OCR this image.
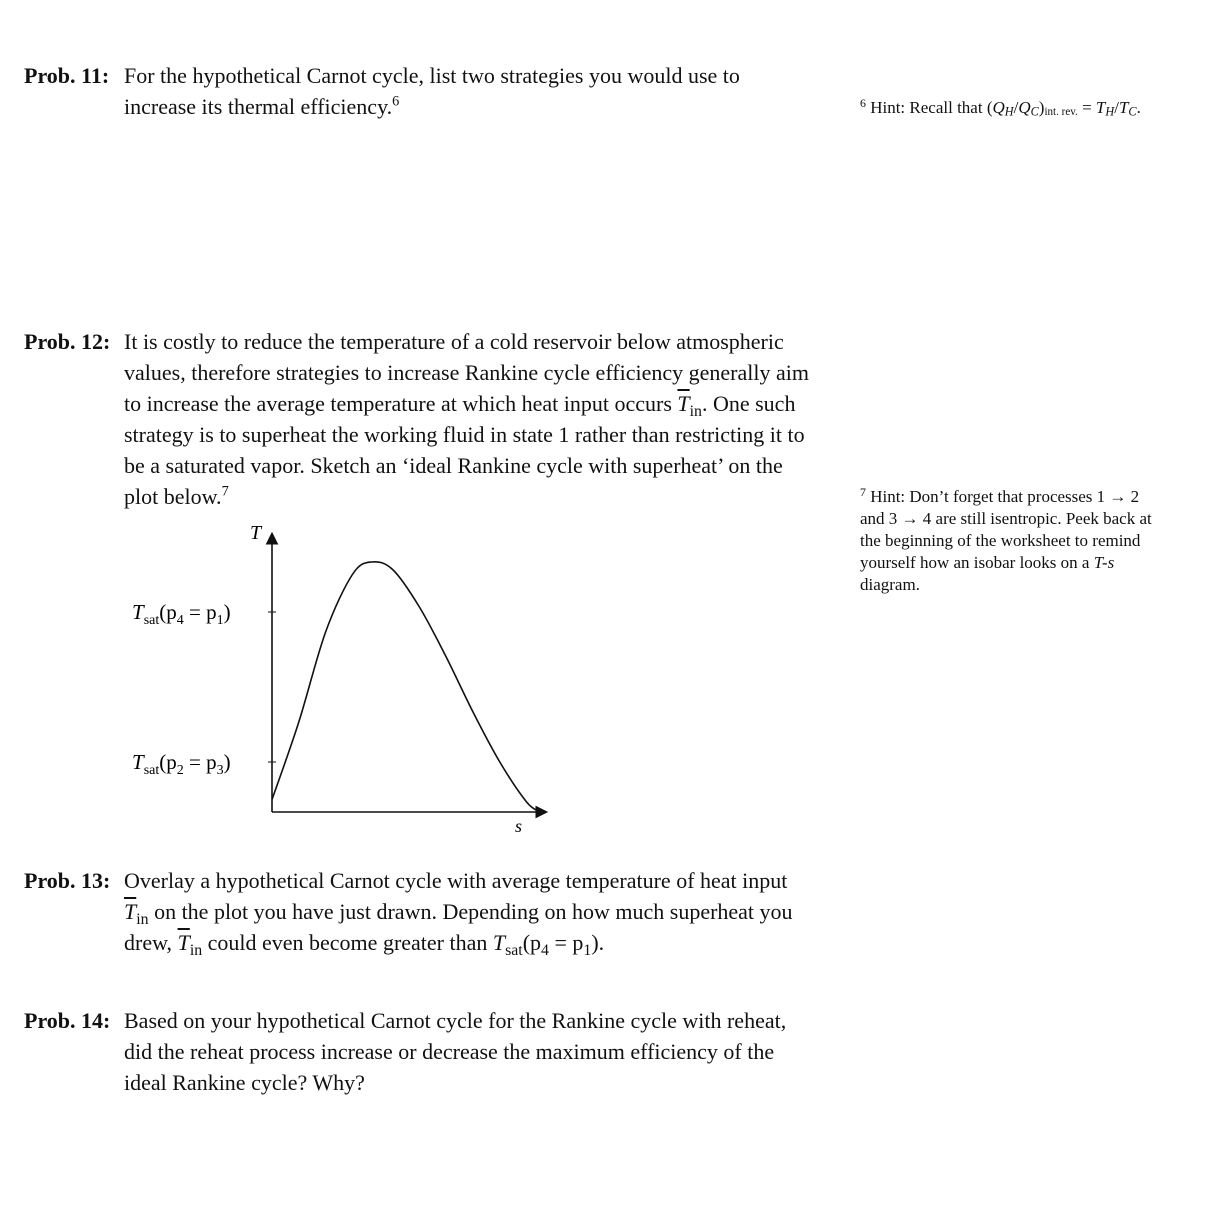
Prob. 11: For the hypothetical Carnot cycle, list two strategies you would use to increase its thermal efficiency.$^6$
Prob. 12: It is costly to reduce the temperature of a cold reservoir below atmospheric values, therefore strategies to increase Rankine cycle efficiency generally aim to increase the average temperature at which heat input occurs $\overline{T}_{in}$. One such strategy is to superheat the working fluid in state 1 rather than restricting it to be a saturated vapor. Sketch an ‘ideal Rankine cycle with superheat’ on the plot below.$^7$
T
s
$T_{sat}(p_4 = p_1)$
$T_{sat}(p_2 = p_3)$
Prob. 13: Overlay a hypothetical Carnot cycle with average temperature of heat input $\overline{T}_{in}$ on the plot you have just drawn. Depending on how much superheat you drew, $\overline{T}_{in}$ could even become greater than $T_{sat}(p_4 = p_1)$.
Prob. 14: Based on your hypothetical Carnot cycle for the Rankine cycle with reheat, did the reheat process increase or decrease the maximum efficiency of the ideal Rankine cycle? Why?
$^6$ Hint: Recall that (QH/QC)int. rev. = TH/TC.
$^7$ Hint: Don’t forget that processes 1 → 2 and 3 → 4 are still isentropic. Peek back at the beginning of the worksheet to remind yourself how an isobar looks on a T-s diagram.
